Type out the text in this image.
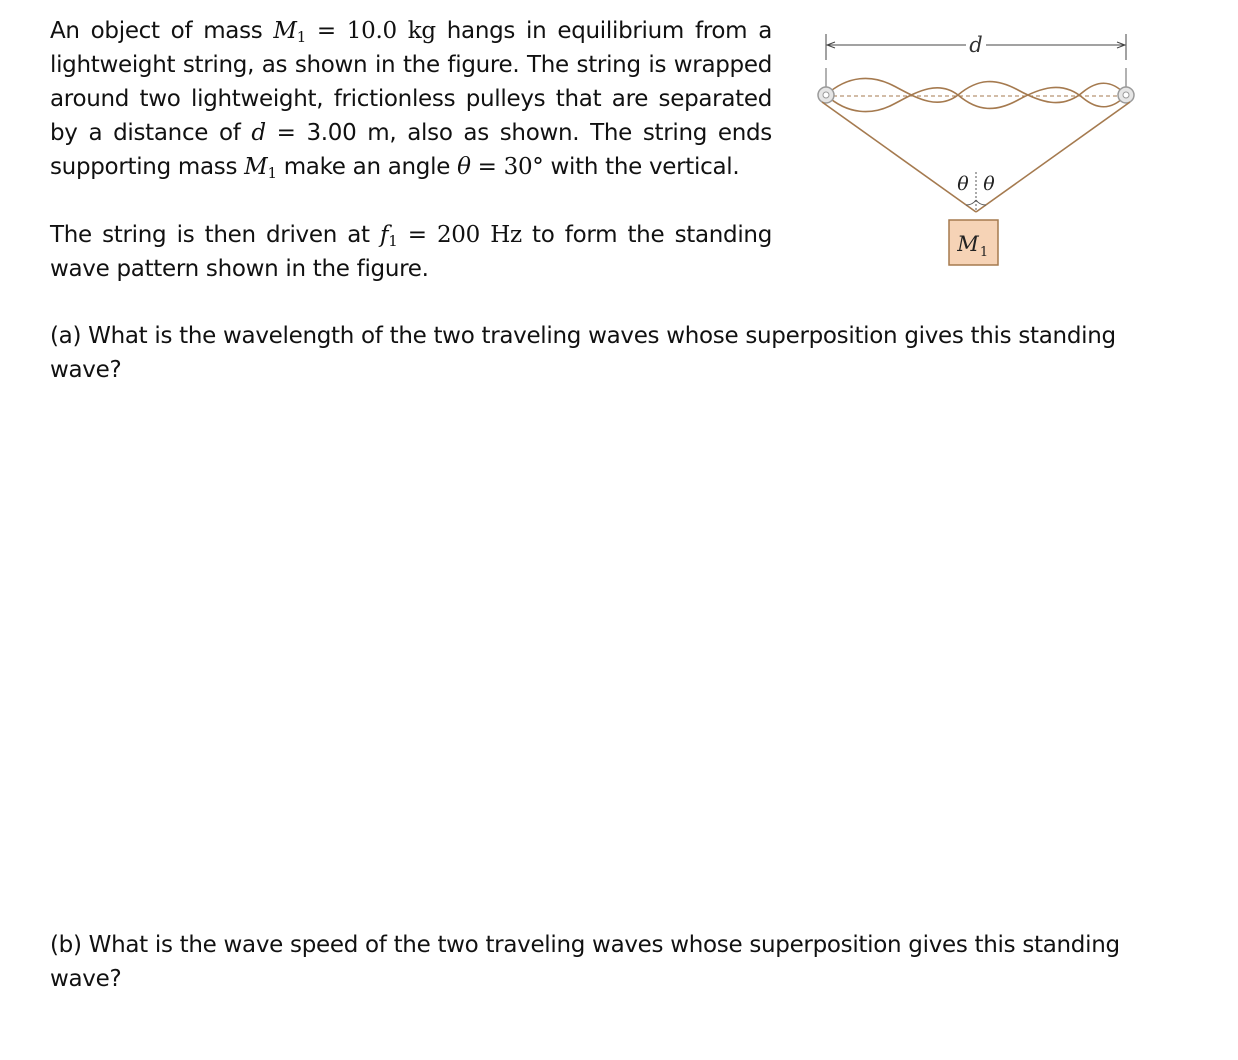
An object of mass $M_1 = 10.0$ kg hangs in equilibrium from a lightweight string, as shown in the figure. The string is wrapped around two lightweight, frictionless pulleys that are separated by a distance of d = 3.00 m, also as shown. The string ends supporting mass $M_1$ make an angle θ = 30° with the vertical.

The string is then driven at $f_1 = 200$ Hz to form the standing wave pattern shown in the figure.

(a) What is the wavelength of the two traveling waves whose superposition gives this standing wave?

(b) What is the wave speed of the two traveling waves whose superposition gives this standing wave?

d
θ θ
M 1
